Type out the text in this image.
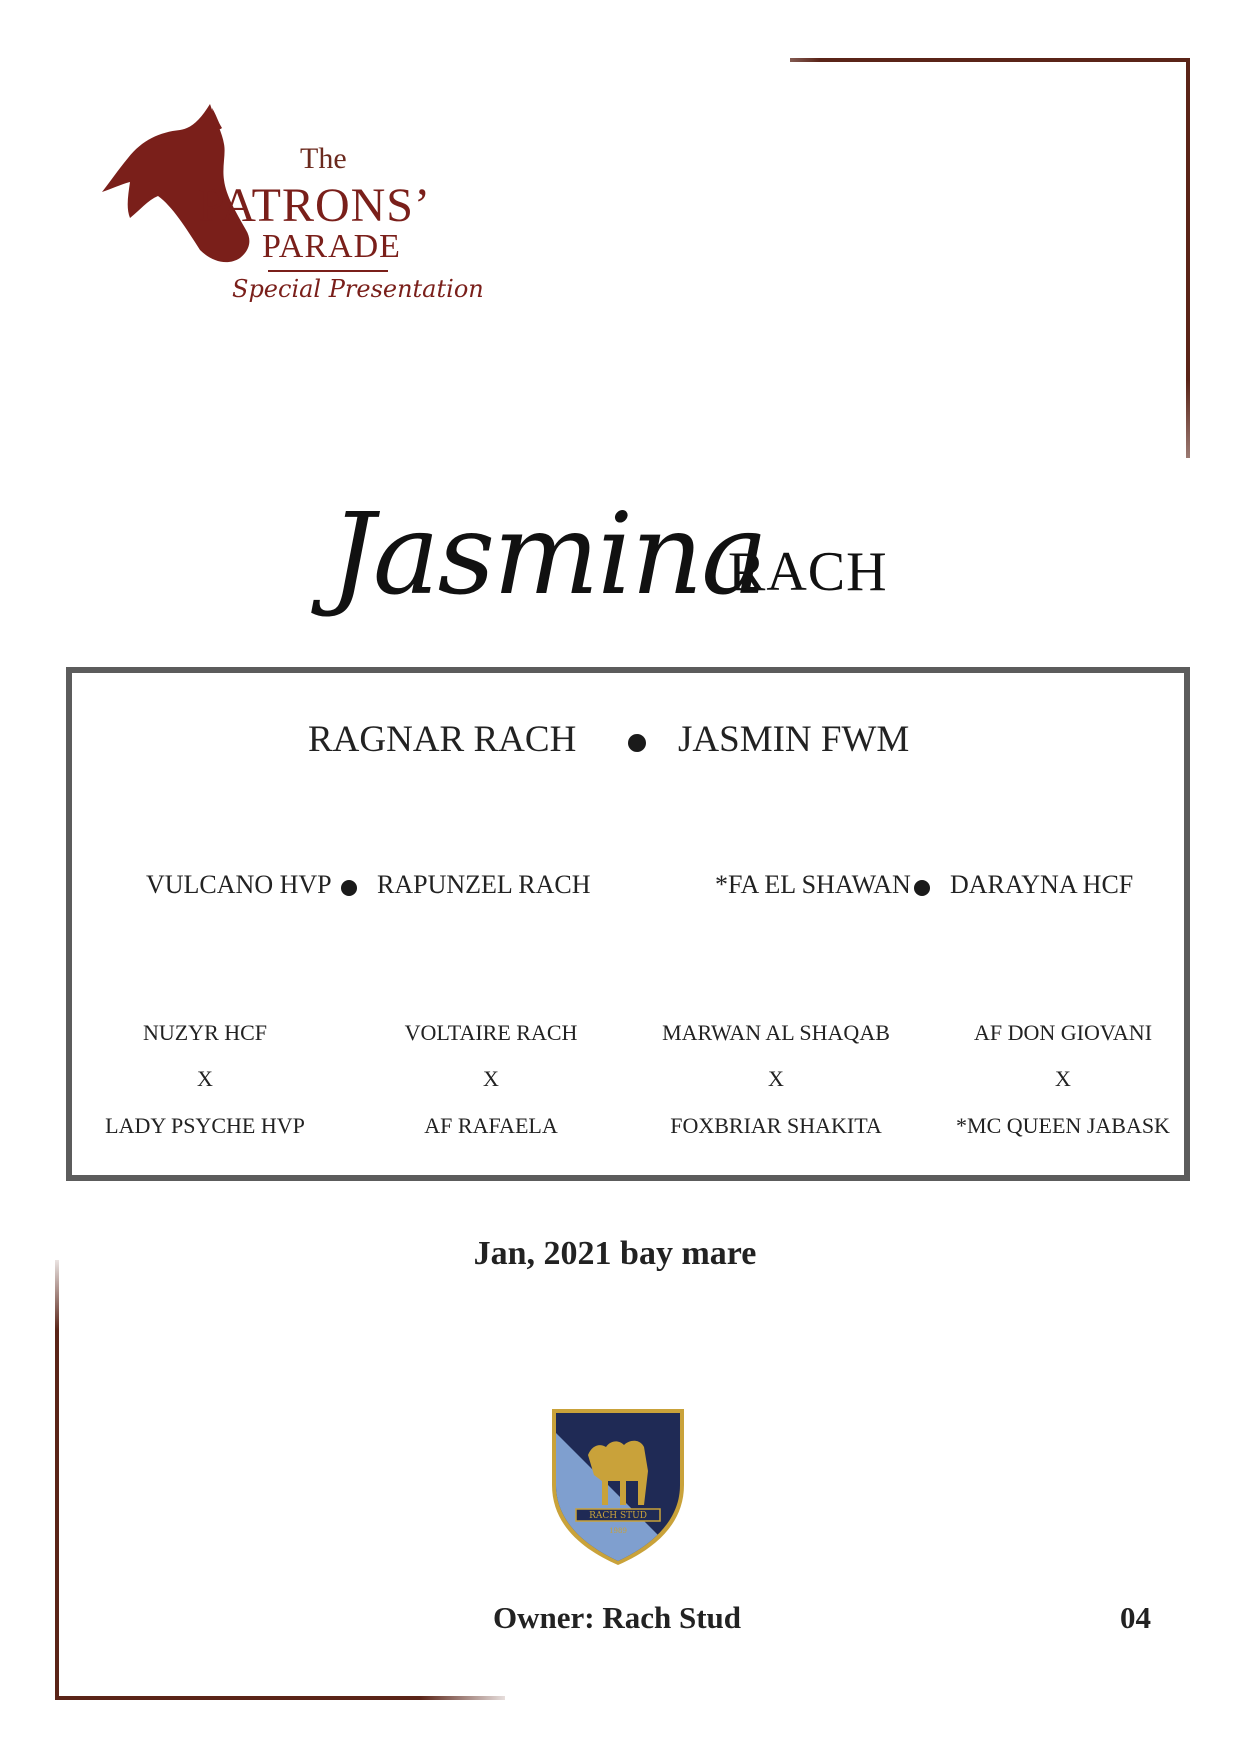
The
PATRONS’
PARADE
Special Presentation
Jasmina
RACH
RAGNAR RACH	JASMIN FWM
VULCANO HVP RAPUNZEL RACH	*FA EL SHAWAN DARAYNA HCF
NUZYR HCF
X
LADY PSYCHE HVP
VOLTAIRE RACH
X
AF RAFAELA
MARWAN AL SHAQAB
X
FOXBRIAR SHAKITA
AF DON GIOVANI
X
*MC QUEEN JABASK
Jan, 2021 bay mare
RACH STUD
1989
Owner: Rach Stud	04
